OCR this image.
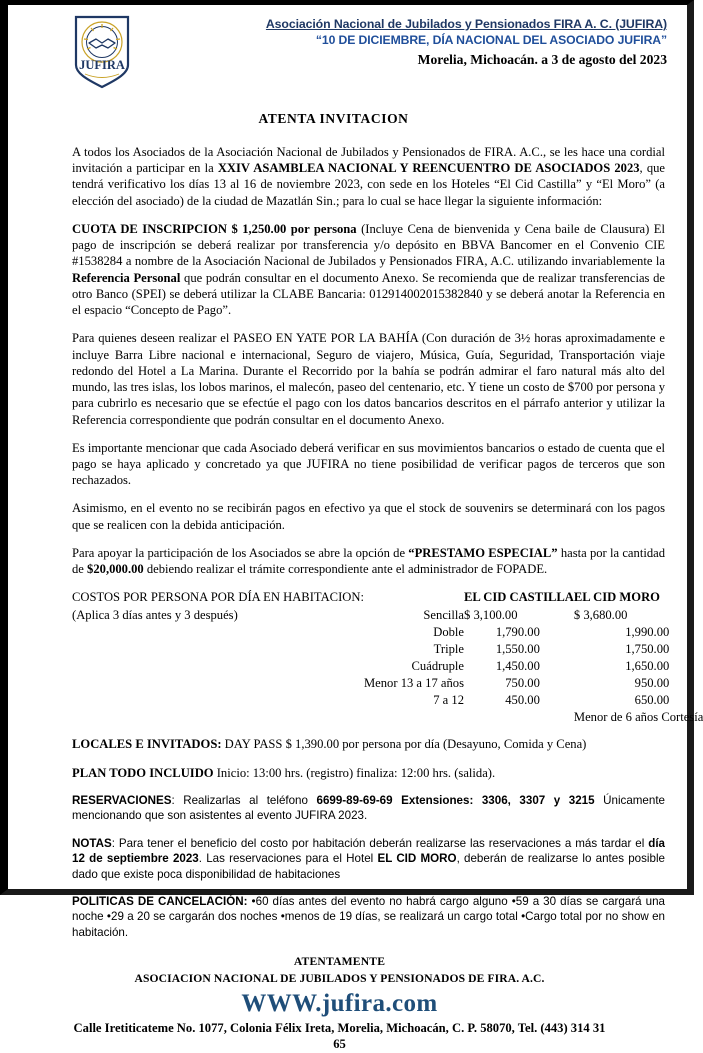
JUFIRA
Asociación Nacional de Jubilados y Pensionados FIRA A. C. (JUFIRA)
“10 DE DICIEMBRE, DÍA NACIONAL DEL ASOCIADO JUFIRA”
Morelia, Michoacán. a 3 de agosto del 2023
ATENTA INVITACION

A todos los Asociados de la Asociación Nacional de Jubilados y Pensionados de FIRA. A.C., se les hace una cordial invitación a participar en la XXIV ASAMBLEA NACIONAL Y REENCUENTRO DE ASOCIADOS 2023, que tendrá verificativo los días 13 al 16 de noviembre 2023, con sede en los Hoteles “El Cid Castilla” y “El Moro” (a elección del asociado) de la ciudad de Mazatlán Sin.; para lo cual se hace llegar la siguiente información:

CUOTA DE INSCRIPCION $ 1,250.00 por persona (Incluye Cena de bienvenida y Cena baile de Clausura) El pago de inscripción se deberá realizar por transferencia y/o depósito en BBVA Bancomer en el Convenio CIE #1538284 a nombre de la Asociación Nacional de Jubilados y Pensionados FIRA, A.C. utilizando invariablemente la Referencia Personal que podrán consultar en el documento Anexo. Se recomienda que de realizar transferencias de otro Banco (SPEI) se deberá utilizar la CLABE Bancaria: 012914002015382840 y se deberá anotar la Referencia en el espacio “Concepto de Pago”.

Para quienes deseen realizar el PASEO EN YATE POR LA BAHÍA (Con duración de 3½ horas aproximadamente e incluye Barra Libre nacional e internacional, Seguro de viajero, Música, Guía, Seguridad, Transportación viaje redondo del Hotel a La Marina. Durante el Recorrido por la bahía se podrán admirar el faro natural más alto del mundo, las tres islas, los lobos marinos, el malecón, paseo del centenario, etc. Y tiene un costo de $700 por persona y para cubrirlo es necesario que se efectúe el pago con los datos bancarios descritos en el párrafo anterior y utilizar la Referencia correspondiente que podrán consultar en el documento Anexo.

Es importante mencionar que cada Asociado deberá verificar en sus movimientos bancarios o estado de cuenta que el pago se haya aplicado y concretado ya que JUFIRA no tiene posibilidad de verificar pagos de terceros que son rechazados.

Asimismo, en el evento no se recibirán pagos en efectivo ya que el stock de souvenirs se determinará con los pagos que se realicen con la debida anticipación.

Para apoyar la participación de los Asociados se abre la opción de “PRESTAMO ESPECIAL” hasta por la cantidad de $20,000.00 debiendo realizar el trámite correspondiente ante el administrador de FOPADE.

COSTOS POR PERSONA POR DÍA EN HABITACION:		EL CID CASTILLA	EL CID MORO
(Aplica 3 días antes y 3 después)	Sencilla	$ 3,100.00	$ 3,680.00
	Doble	1,790.00	1,990.00
	Triple	1,550.00	1,750.00
	Cuádruple	1,450.00	1,650.00
	Menor 13 a 17 años	750.00	950.00
	7 a 12	450.00	650.00
			Menor de 6 años Cortesía

LOCALES E INVITADOS: DAY PASS $ 1,390.00 por persona por día (Desayuno, Comida y Cena)

PLAN TODO INCLUIDO Inicio: 13:00 hrs. (registro) finaliza: 12:00 hrs. (salida).

RESERVACIONES: Realizarlas al teléfono 6699-89-69-69 Extensiones: 3306, 3307 y 3215 Únicamente mencionando que son asistentes al evento JUFIRA 2023.

NOTAS: Para tener el beneficio del costo por habitación deberán realizarse las reservaciones a más tardar el día 12 de septiembre 2023. Las reservaciones para el Hotel EL CID MORO, deberán de realizarse lo antes posible dado que existe poca disponibilidad de habitaciones

POLITICAS DE CANCELACIÓN: •60 días antes del evento no habrá cargo alguno •59 a 30 días se cargará una noche •29 a 20 se cargarán dos noches •menos de 19 días, se realizará un cargo total •Cargo total por no show en habitación.

ATENTAMENTE
ASOCIACION NACIONAL DE JUBILADOS Y PENSIONADOS DE FIRA. A.C.
WWW.jufira.com
Calle Iretiticateme No. 1077, Colonia Félix Ireta, Morelia, Michoacán, C. P. 58070, Tel. (443) 314 31 65
